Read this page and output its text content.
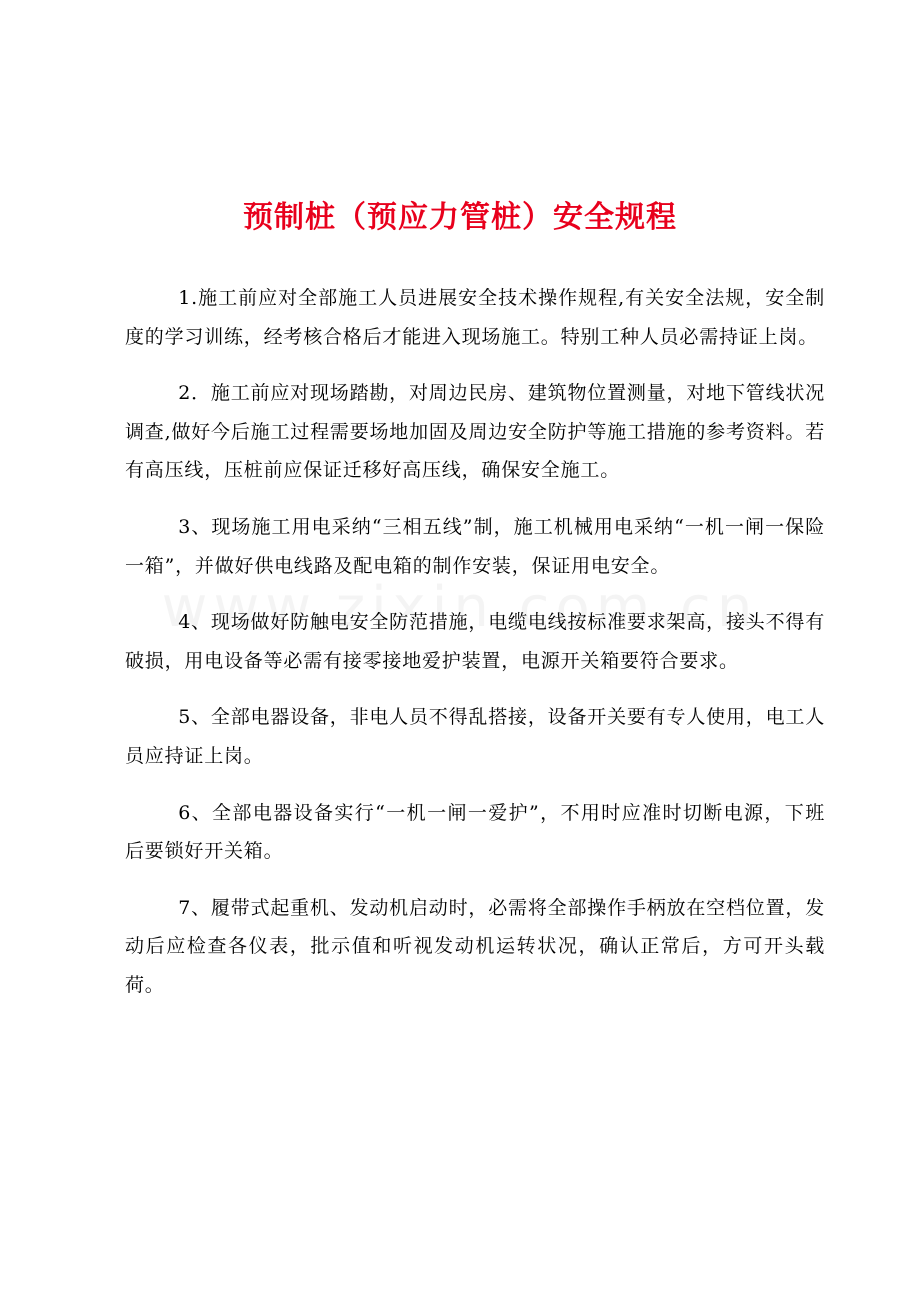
预制桩（预应力管桩）安全规程

1.施工前应对全部施工人员进展安全技术操作规程,有关安全法规，安全制度的学习训练，经考核合格后才能进入现场施工。特别工种人员必需持证上岗。

2．施工前应对现场踏勘，对周边民房、建筑物位置测量，对地下管线状况调查,做好今后施工过程需要场地加固及周边安全防护等施工措施的参考资料。若有高压线，压桩前应保证迁移好高压线，确保安全施工。

3、现场施工用电采纳“三相五线”制，施工机械用电采纳“一机一闸一保险一箱”，并做好供电线路及配电箱的制作安装，保证用电安全。

4、现场做好防触电安全防范措施，电缆电线按标准要求架高，接头不得有破损，用电设备等必需有接零接地爱护装置，电源开关箱要符合要求。

5、全部电器设备，非电人员不得乱搭接，设备开关要有专人使用，电工人员应持证上岗。

6、全部电器设备实行“一机一闸一爱护”，不用时应准时切断电源，下班后要锁好开关箱。

7、履带式起重机、发动机启动时，必需将全部操作手柄放在空档位置，发动后应检查各仪表，批示值和听视发动机运转状况，确认正常后，方可开头载荷。
